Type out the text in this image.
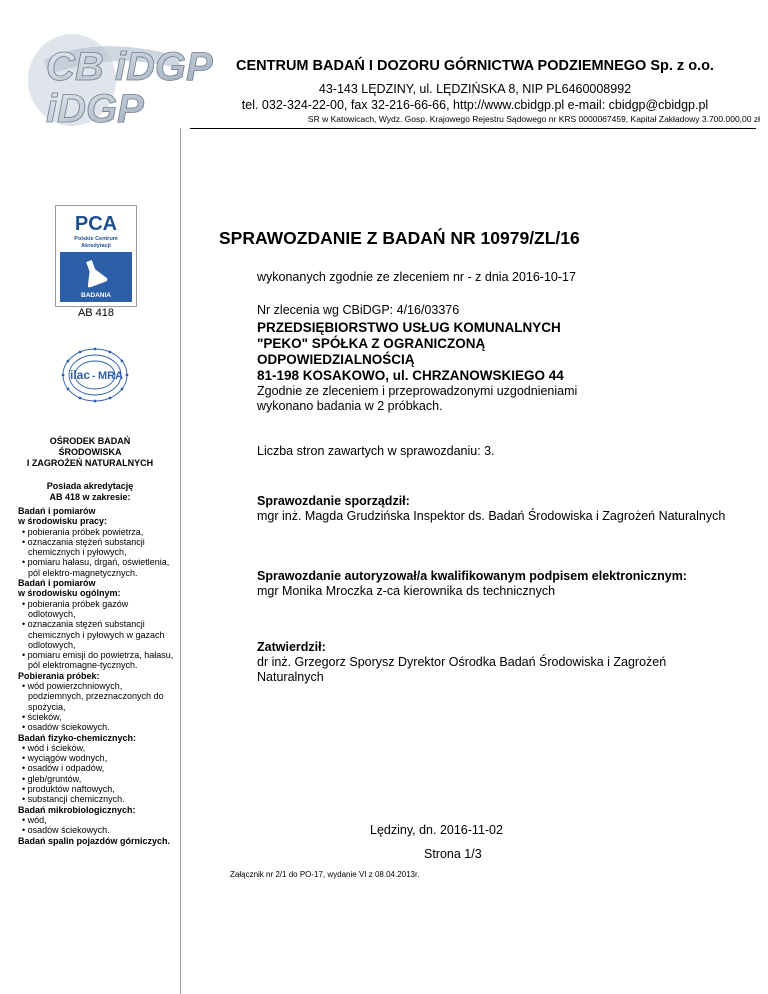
CB iDGP
iDGP
CENTRUM BADAŃ I DOZORU GÓRNICTWA PODZIEMNEGO Sp. z o.o.
43-143 LĘDZINY, ul. LĘDZIŃSKA 8, NIP PL6460008992
tel. 032-324-22-00, fax 32-216-66-66, http://www.cbidgp.pl e-mail: cbidgp@cbidgp.pl
SR w Katowicach, Wydz. Gosp. Krajowego Rejestru Sądowego nr KRS 0000067459, Kapitał Zakładowy 3.700.000,00 zł
PCA
Polskie Centrum
Akredytacji
BADANIA
AB 418
ilac - MRA
OŚRODEK BADAŃ
ŚRODOWISKA
I ZAGROŻEŃ NATURALNYCH
Posiada akredytację
AB 418 w zakresie:
Badań i pomiarów
w środowisku pracy:
• pobierania próbek powietrza,
• oznaczania stężeń substancji chemicznych i pyłowych,
• pomiaru hałasu, drgań, oświetlenia, pól elektro-magnetycznych.
Badań i pomiarów
w środowisku ogólnym:
• pobierania próbek gazów odlotowych,
• oznaczania stężeń substancji chemicznych i pyłowych w gazach odlotowych,
• pomiaru emisji do powietrza, hałasu, pól elektromagne-tycznych.
Pobierania próbek:
• wód powierzchniowych, podziemnych, przeznaczonych do spożycia,
• ścieków,
• osadów ściekowych.
Badań fizyko-chemicznych:
• wód i ścieków,
• wyciągów wodnych,
• osadów i odpadów,
• gleb/gruntów,
• produktów naftowych,
• substancji chemicznych.
Badań mikrobiologicznych:
• wód,
• osadów ściekowych.
Badań spalin pojazdów górniczych.
SPRAWOZDANIE Z BADAŃ NR 10979/ZL/16
wykonanych zgodnie ze zleceniem nr - z dnia 2016-10-17
Nr zlecenia wg CBiDGP: 4/16/03376
PRZEDSIĘBIORSTWO USŁUG KOMUNALNYCH
"PEKO" SPÓŁKA Z OGRANICZONĄ
ODPOWIEDZIALNOŚCIĄ
81-198 KOSAKOWO, ul. CHRZANOWSKIEGO 44
Zgodnie ze zleceniem i przeprowadzonymi uzgodnieniami
wykonano badania w 2 próbkach.
Liczba stron zawartych w sprawozdaniu: 3.
Sprawozdanie sporządził:
mgr inż. Magda Grudzińska Inspektor ds. Badań Środowiska i Zagrożeń Naturalnych
Sprawozdanie autoryzował/a kwalifikowanym podpisem elektronicznym:
mgr Monika Mroczka z-ca kierownika ds technicznych
Zatwierdził:
dr inż. Grzegorz Sporysz Dyrektor Ośrodka Badań Środowiska i Zagrożeń Naturalnych
Lędziny, dn. 2016-11-02
Strona 1/3
Załącznik nr 2/1 do PO-17, wydanie VI z 08.04.2013r.
